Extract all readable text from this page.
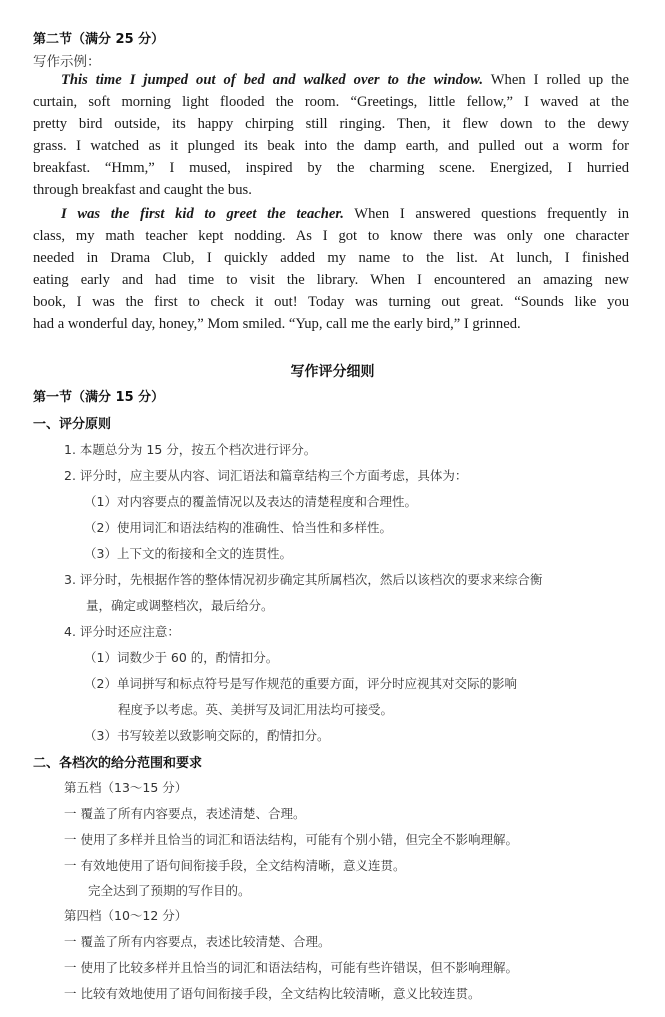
第二节（满分 25 分）
写作示例：
This time I jumped out of bed and walked over to the window. When I rolled up the
curtain, soft morning light flooded the room. “Greetings, little fellow,” I waved at the
pretty bird outside, its happy chirping still ringing. Then, it flew down to the dewy
grass. I watched as it plunged its beak into the damp earth, and pulled out a worm for
breakfast. “Hmm,” I mused, inspired by the charming scene. Energized, I hurried
through breakfast and caught the bus.
I was the first kid to greet the teacher. When I answered questions frequently in
class, my math teacher kept nodding. As I got to know there was only one character
needed in Drama Club, I quickly added my name to the list. At lunch, I finished
eating early and had time to visit the library. When I encountered an amazing new
book, I was the first to check it out! Today was turning out great. “Sounds like you
had a wonderful day, honey,” Mom smiled. “Yup, call me the early bird,” I grinned.
写作评分细则
第一节（满分 15 分）
一、评分原则
1. 本题总分为 15 分，按五个档次进行评分。
2. 评分时，应主要从内容、词汇语法和篇章结构三个方面考虑，具体为：
（1）对内容要点的覆盖情况以及表达的清楚程度和合理性。
（2）使用词汇和语法结构的准确性、恰当性和多样性。
（3）上下文的衔接和全文的连贯性。
3. 评分时，先根据作答的整体情况初步确定其所属档次，然后以该档次的要求来综合衡
量，确定或调整档次，最后给分。
4. 评分时还应注意：
（1）词数少于 60 的，酌情扣分。
（2）单词拼写和标点符号是写作规范的重要方面，评分时应视其对交际的影响
程度予以考虑。英、美拼写及词汇用法均可接受。
（3）书写较差以致影响交际的，酌情扣分。
二、各档次的给分范围和要求
第五档（13～15 分）
一 覆盖了所有内容要点，表述清楚、合理。
一 使用了多样并且恰当的词汇和语法结构，可能有个别小错，但完全不影响理解。
一 有效地使用了语句间衔接手段，全文结构清晰，意义连贯。
完全达到了预期的写作目的。
第四档（10～12 分）
一 覆盖了所有内容要点，表述比较清楚、合理。
一 使用了比较多样并且恰当的词汇和语法结构，可能有些许错误，但不影响理解。
一 比较有效地使用了语句间衔接手段，全文结构比较清晰，意义比较连贯。
